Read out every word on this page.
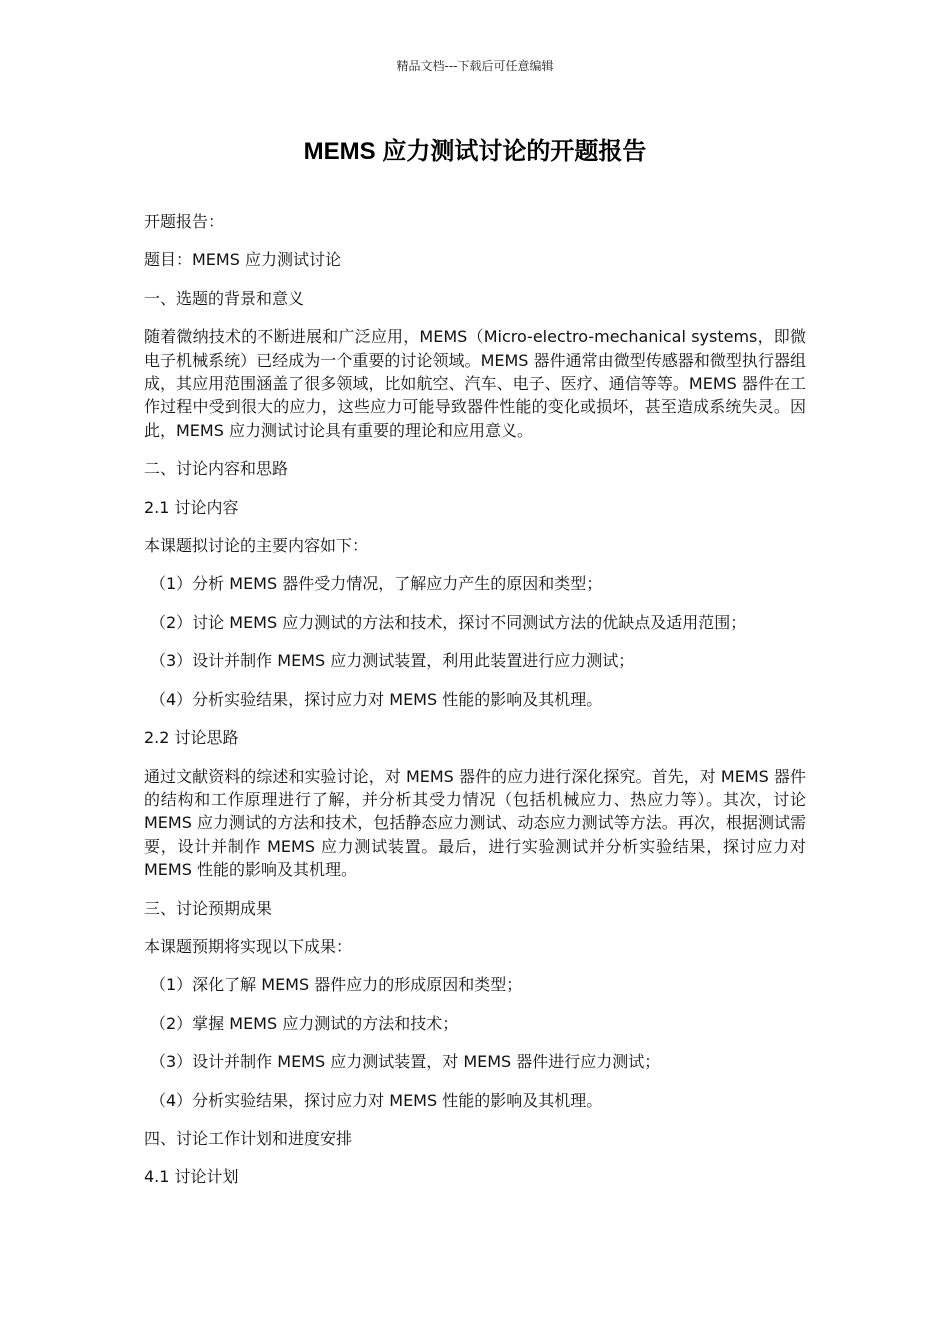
精品文档---下载后可任意编辑
MEMS 应力测试讨论的开题报告

开题报告：

题目：MEMS 应力测试讨论

一、选题的背景和意义

随着微纳技术的不断进展和广泛应用，MEMS（Micro-electro-mechanical systems，即微电子机械系统）已经成为一个重要的讨论领域。MEMS 器件通常由微型传感器和微型执行器组成，其应用范围涵盖了很多领域，比如航空、汽车、电子、医疗、通信等等。MEMS 器件在工作过程中受到很大的应力，这些应力可能导致器件性能的变化或损坏，甚至造成系统失灵。因此，MEMS 应力测试讨论具有重要的理论和应用意义。

二、讨论内容和思路

2.1 讨论内容

本课题拟讨论的主要内容如下：

（1）分析 MEMS 器件受力情况，了解应力产生的原因和类型；

（2）讨论 MEMS 应力测试的方法和技术，探讨不同测试方法的优缺点及适用范围；

（3）设计并制作 MEMS 应力测试装置，利用此装置进行应力测试；

（4）分析实验结果，探讨应力对 MEMS 性能的影响及其机理。

2.2 讨论思路

通过文献资料的综述和实验讨论，对 MEMS 器件的应力进行深化探究。首先，对 MEMS 器件的结构和工作原理进行了解，并分析其受力情况（包括机械应力、热应力等）。其次，讨论 MEMS 应力测试的方法和技术，包括静态应力测试、动态应力测试等方法。再次，根据测试需要，设计并制作 MEMS 应力测试装置。最后，进行实验测试并分析实验结果，探讨应力对 MEMS 性能的影响及其机理。

三、讨论预期成果

本课题预期将实现以下成果：

（1）深化了解 MEMS 器件应力的形成原因和类型；

（2）掌握 MEMS 应力测试的方法和技术；

（3）设计并制作 MEMS 应力测试装置，对 MEMS 器件进行应力测试；

（4）分析实验结果，探讨应力对 MEMS 性能的影响及其机理。

四、讨论工作计划和进度安排

4.1 讨论计划
